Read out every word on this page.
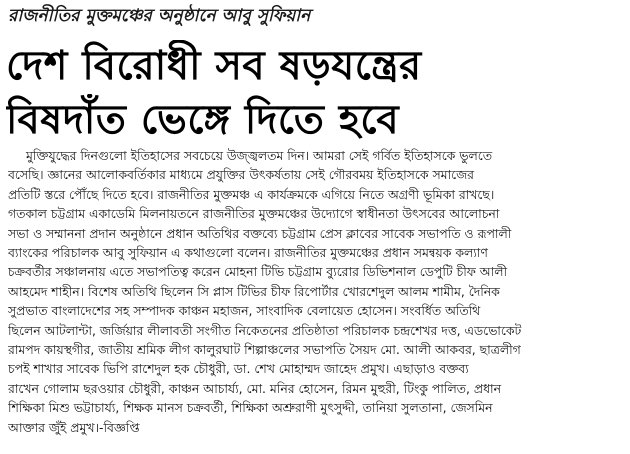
রাজনীতির মুক্তমঞ্চের অনুষ্ঠানে আবু সুফিয়ান
দেশ বিরোধী সব ষড়যন্ত্রের
বিষদাঁত ভেঙ্গে দিতে হবে
মুক্তিযুদ্ধের দিনগুলো ইতিহাসের সবচেয়ে উজ্জ্বলতম দিন। আমরা সেই গর্বিত ইতিহাসকে ভুলতে
বসেছি। জ্ঞানের আলোকবর্তিকার মাধ্যমে প্রযুক্তির উৎকর্ষতায় সেই গৌরবময় ইতিহাসকে সমাজের
প্রতিটি স্তরে পৌঁছে দিতে হবে। রাজনীতির মুক্তমঞ্চ এ কার্যক্রমকে এগিয়ে নিতে অগ্রণী ভূমিকা রাখছে।
গতকাল চট্টগ্রাম একাডেমি মিলনায়তনে রাজনীতির মুক্তমঞ্চের উদ্যোগে স্বাধীনতা উৎসবের আলোচনা
সভা ও সম্মাননা প্রদান অনুষ্ঠানে প্রধান অতিথির বক্তব্যে চট্টগ্রাম প্রেস ক্লাবের সাবেক সভাপতি ও রূপালী
ব্যাংকের পরিচালক আবু সুফিয়ান এ কথাগুলো বলেন। রাজনীতির মুক্তমঞ্চের প্রধান সমন্বয়ক কল্যাণ
চক্রবর্তীর সঞ্চালনায় এতে সভাপতিত্ব করেন মোহনা টিভি চট্টগ্রাম ব্যুরোর ডিভিশনাল ডেপুটি চীফ আলী
আহমেদ শাহীন। বিশেষ অতিথি ছিলেন সি প্লাস টিভির চীফ রিপোর্টার খোরশেদুল আলম শামীম, দৈনিক
সুপ্রভাত বাংলাদেশের সহ সম্পাদক কাঞ্চন মহাজন, সাংবাদিক বেলায়েত হোসেন। সংবর্ধিত অতিথি
ছিলেন আটলান্টা, জর্জিয়ার লীলাবতী সংগীত নিকেতনের প্রতিষ্ঠাতা পরিচালক চন্দ্রশেখর দত্ত, এডভোকেট
রামপদ কায়স্থগীর, জাতীয় শ্রমিক লীগ কালুরঘাট শিল্পাঞ্চলের সভাপতি সৈয়দ মো. আলী আকবর, ছাত্রলীগ
চপই শাখার সাবেক ভিপি রাশেদুল হক চৌধুরী, ডা. শেখ মোহাম্মদ জাহেদ প্রমুখ। এছাড়াও বক্তব্য
রাখেন গোলাম ছরওয়ার চৌধুরী, কাঞ্চন আচার্য্য, মো. মনির হোসেন, রিমন মুহুরী, টিংকু পালিত, প্রধান
শিক্ষিকা মিশু ভট্টাচার্য্য, শিক্ষক মানস চক্রবর্তী, শিক্ষিকা অশ্রুরাণী মুৎসুদ্দী, তানিয়া সুলতানা, জেসমিন
আক্তার জুঁই প্রমুখ।-বিজ্ঞপ্তি
